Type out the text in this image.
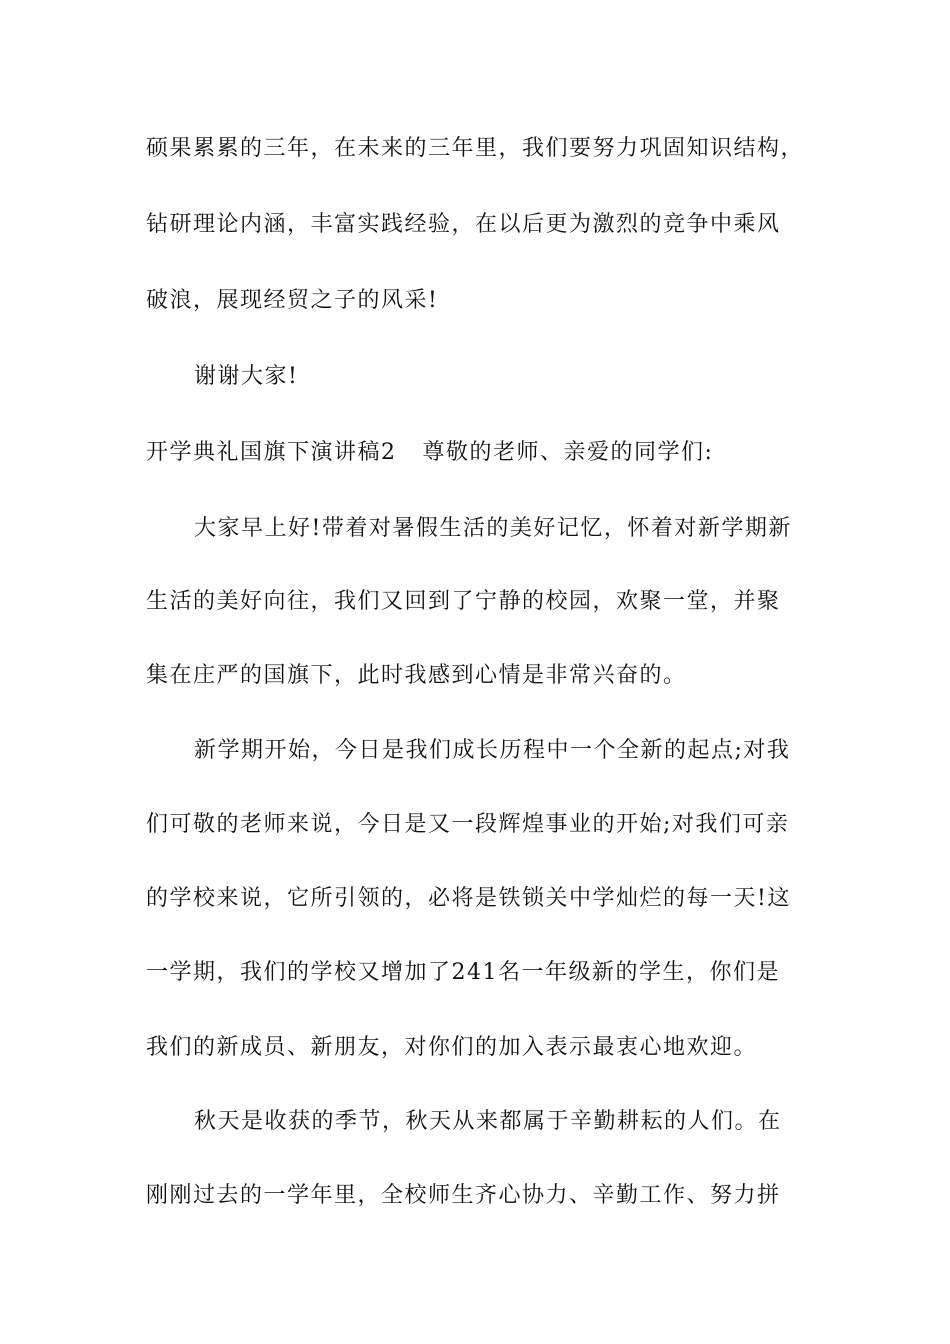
硕果累累的三年，在未来的三年里，我们要努力巩固知识结构，
钻研理论内涵，丰富实践经验，在以后更为激烈的竞争中乘风
破浪，展现经贸之子的风采!
谢谢大家!
开学典礼国旗下演讲稿2 尊敬的老师、亲爱的同学们:
大家早上好!带着对暑假生活的美好记忆，怀着对新学期新
生活的美好向往，我们又回到了宁静的校园，欢聚一堂，并聚
集在庄严的国旗下，此时我感到心情是非常兴奋的。
新学期开始，今日是我们成长历程中一个全新的起点;对我
们可敬的老师来说，今日是又一段辉煌事业的开始;对我们可亲
的学校来说，它所引领的，必将是铁锁关中学灿烂的每一天!这
一学期，我们的学校又增加了241名一年级新的学生，你们是
我们的新成员、新朋友，对你们的加入表示最衷心地欢迎。
秋天是收获的季节，秋天从来都属于辛勤耕耘的人们。在
刚刚过去的一学年里，全校师生齐心协力、辛勤工作、努力拼
